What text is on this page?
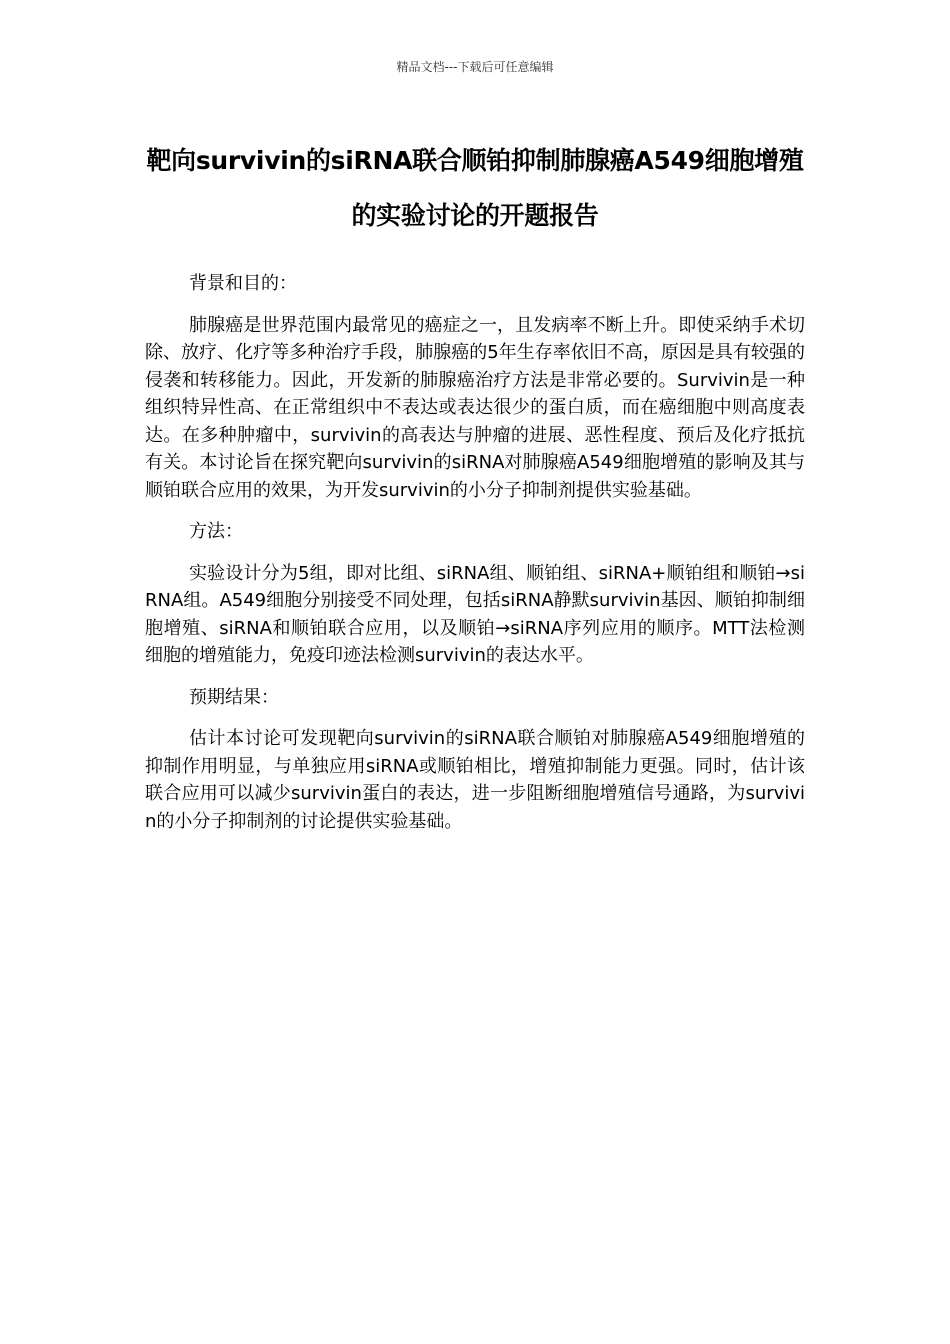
精品文档---下载后可任意编辑
靶向survivin的siRNA联合顺铂抑制肺腺癌A549细胞增殖的实验讨论的开题报告

背景和目的：

肺腺癌是世界范围内最常见的癌症之一，且发病率不断上升。即使采纳手术切除、放疗、化疗等多种治疗手段，肺腺癌的5年生存率依旧不高，原因是具有较强的侵袭和转移能力。因此，开发新的肺腺癌治疗方法是非常必要的。Survivin是一种组织特异性高、在正常组织中不表达或表达很少的蛋白质，而在癌细胞中则高度表达。在多种肿瘤中，survivin的高表达与肿瘤的进展、恶性程度、预后及化疗抵抗有关。本讨论旨在探究靶向survivin的siRNA对肺腺癌A549细胞增殖的影响及其与顺铂联合应用的效果，为开发survivin的小分子抑制剂提供实验基础。

方法：

实验设计分为5组，即对比组、siRNA组、顺铂组、siRNA+顺铂组和顺铂→siRNA组。A549细胞分别接受不同处理，包括siRNA静默survivin基因、顺铂抑制细胞增殖、siRNA和顺铂联合应用，以及顺铂→siRNA序列应用的顺序。MTT法检测细胞的增殖能力，免疫印迹法检测survivin的表达水平。

预期结果：

估计本讨论可发现靶向survivin的siRNA联合顺铂对肺腺癌A549细胞增殖的抑制作用明显，与单独应用siRNA或顺铂相比，增殖抑制能力更强。同时，估计该联合应用可以减少survivin蛋白的表达，进一步阻断细胞增殖信号通路，为survivin的小分子抑制剂的讨论提供实验基础。
